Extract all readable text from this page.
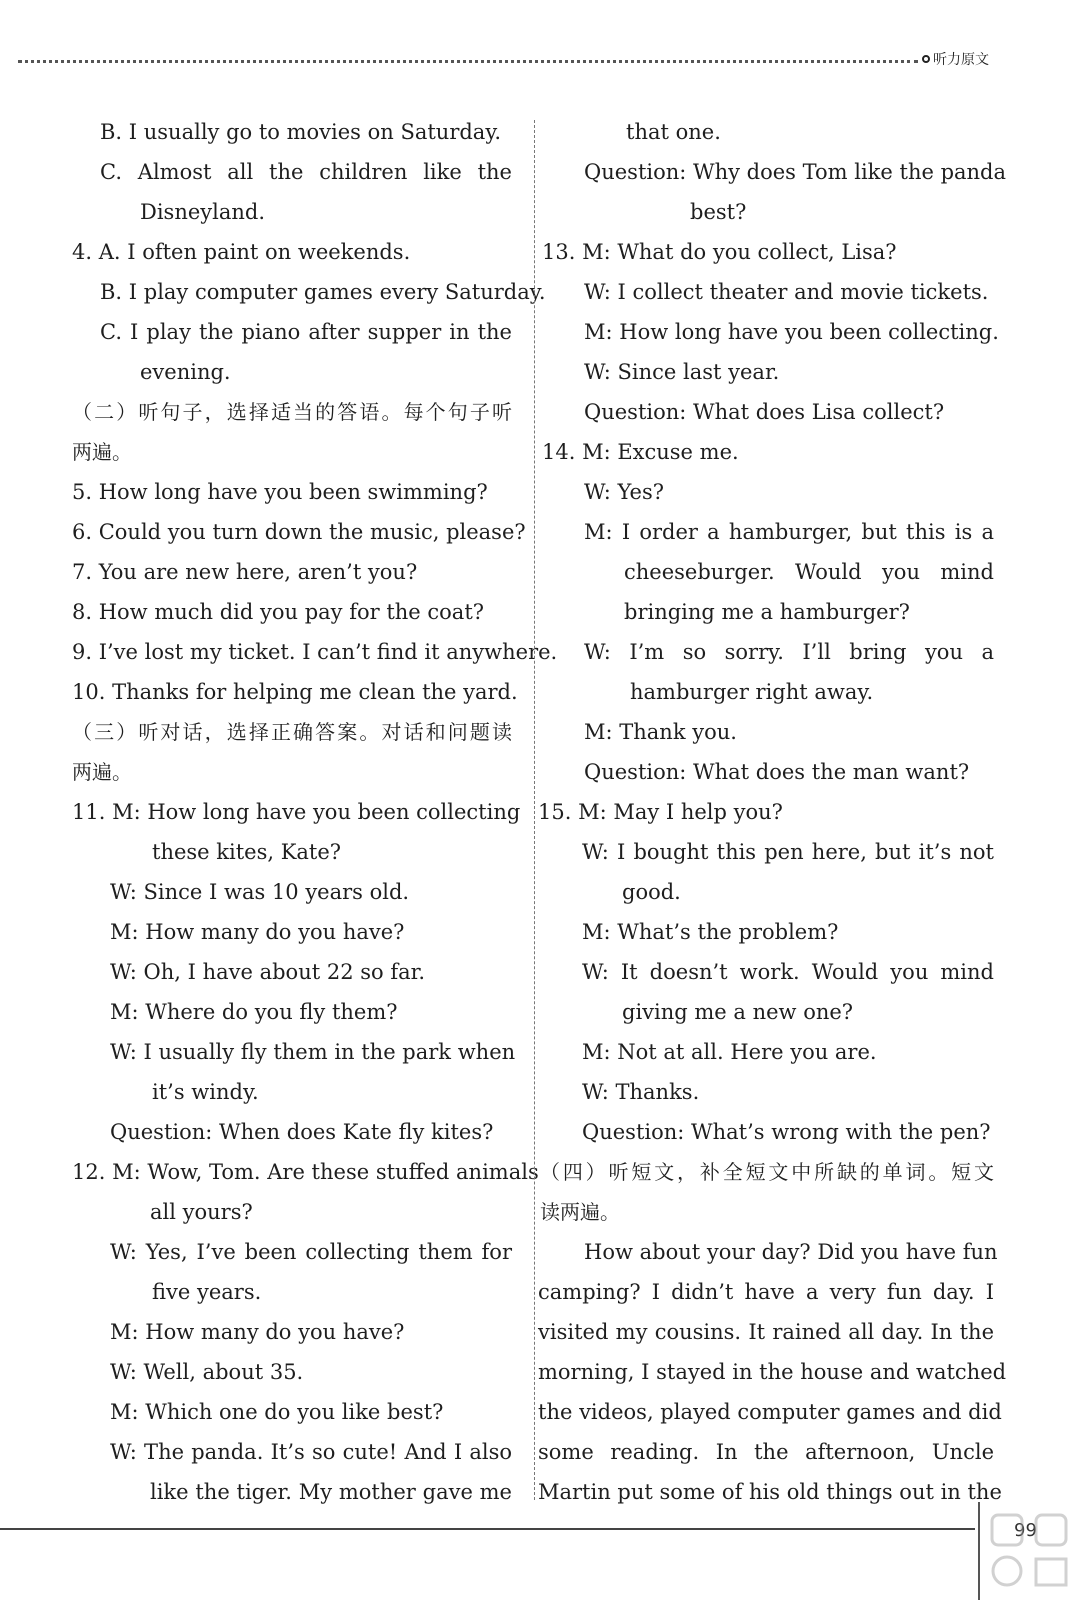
听力原文
B. I usually go to movies on Saturday.
C. Almost all the children like the
Disneyland.
4. A. I often paint on weekends.
B. I play computer games every Saturday.
C. I play the piano after supper in the
evening.
（二）听句子，选择适当的答语。每个句子听
两遍。
5. How long have you been swimming?
6. Could you turn down the music, please?
7. You are new here, aren’t you?
8. How much did you pay for the coat?
9. I’ve lost my ticket. I can’t find it anywhere.
10. Thanks for helping me clean the yard.
（三）听对话，选择正确答案。对话和问题读
两遍。
11. M: How long have you been collecting
these kites, Kate?
W: Since I was 10 years old.
M: How many do you have?
W: Oh, I have about 22 so far.
M: Where do you fly them?
W: I usually fly them in the park when
it’s windy.
Question: When does Kate fly kites?
12. M: Wow, Tom. Are these stuffed animals
all yours?
W: Yes, I’ve been collecting them for
five years.
M: How many do you have?
W: Well, about 35.
M: Which one do you like best?
W: The panda. It’s so cute! And I also
like the tiger. My mother gave me
that one.
Question: Why does Tom like the panda
best?
13. M: What do you collect, Lisa?
W: I collect theater and movie tickets.
M: How long have you been collecting.
W: Since last year.
Question: What does Lisa collect?
14. M: Excuse me.
W: Yes?
M: I order a hamburger, but this is a
cheeseburger. Would you mind
bringing me a hamburger?
W: I’m so sorry. I’ll bring you a
hamburger right away.
M: Thank you.
Question: What does the man want?
15. M: May I help you?
W: I bought this pen here, but it’s not
good.
M: What’s the problem?
W: It doesn’t work. Would you mind
giving me a new one?
M: Not at all. Here you are.
W: Thanks.
Question: What’s wrong with the pen?
（四）听短文，补全短文中所缺的单词。短文
读两遍。
How about your day? Did you have fun
camping? I didn’t have a very fun day. I
visited my cousins. It rained all day. In the
morning, I stayed in the house and watched
the videos, played computer games and did
some reading. In the afternoon, Uncle
Martin put some of his old things out in the
99
